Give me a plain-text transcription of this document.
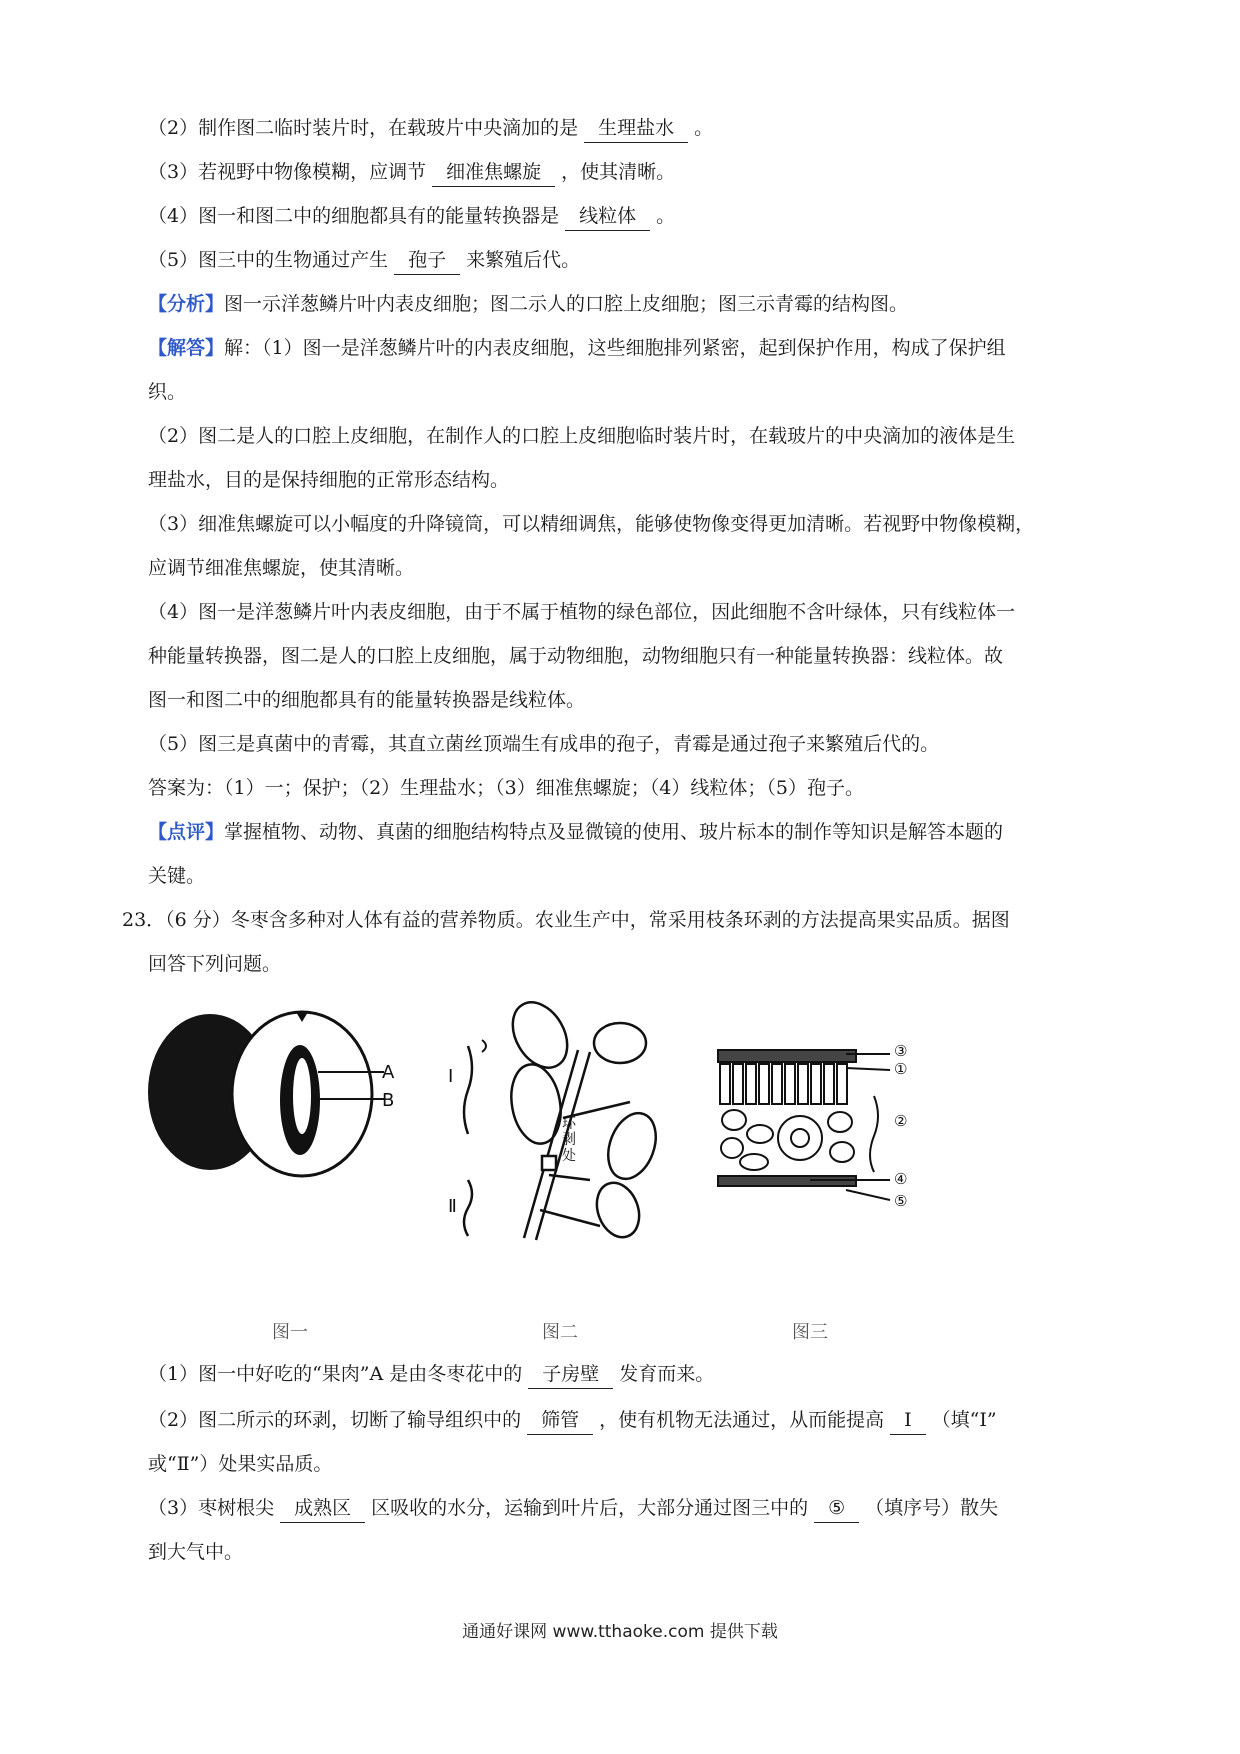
（2）制作图二临时装片时，在载玻片中央滴加的是 生理盐水 。
（3）若视野中物像模糊，应调节 细准焦螺旋 ，使其清晰。
（4）图一和图二中的细胞都具有的能量转换器是 线粒体 。
（5）图三中的生物通过产生 孢子 来繁殖后代。
【分析】图一示洋葱鳞片叶内表皮细胞；图二示人的口腔上皮细胞；图三示青霉的结构图。
【解答】解：（1）图一是洋葱鳞片叶的内表皮细胞，这些细胞排列紧密，起到保护作用，构成了保护组
织。
（2）图二是人的口腔上皮细胞，在制作人的口腔上皮细胞临时装片时，在载玻片的中央滴加的液体是生
理盐水，目的是保持细胞的正常形态结构。
（3）细准焦螺旋可以小幅度的升降镜筒，可以精细调焦，能够使物像变得更加清晰。若视野中物像模糊，
应调节细准焦螺旋，使其清晰。
（4）图一是洋葱鳞片叶内表皮细胞，由于不属于植物的绿色部位，因此细胞不含叶绿体，只有线粒体一
种能量转换器，图二是人的口腔上皮细胞，属于动物细胞，动物细胞只有一种能量转换器：线粒体。故
图一和图二中的细胞都具有的能量转换器是线粒体。
（5）图三是真菌中的青霉，其直立菌丝顶端生有成串的孢子，青霉是通过孢子来繁殖后代的。
答案为：（1）一；保护；（2）生理盐水；（3）细准焦螺旋；（4）线粒体；（5）孢子。
【点评】掌握植物、动物、真菌的细胞结构特点及显微镜的使用、玻片标本的制作等知识是解答本题的
关键。
23．（6 分）冬枣含多种对人体有益的营养物质。农业生产中，常采用枝条环剥的方法提高果实品质。据图
回答下列问题。
A
B
Ⅰ
Ⅱ
环剥处
③
①
②
④
⑤
图一	图二	图三
（1）图一中好吃的“果肉”A 是由冬枣花中的 子房壁 发育而来。
（2）图二所示的环剥，切断了输导组织中的 筛管 ，使有机物无法通过，从而能提高 Ⅰ （填“Ⅰ”
或“Ⅱ”）处果实品质。
（3）枣树根尖 成熟区 区吸收的水分，运输到叶片后，大部分通过图三中的 ⑤ （填序号）散失
到大气中。
通通好课网 www.tthaoke.com 提供下载
